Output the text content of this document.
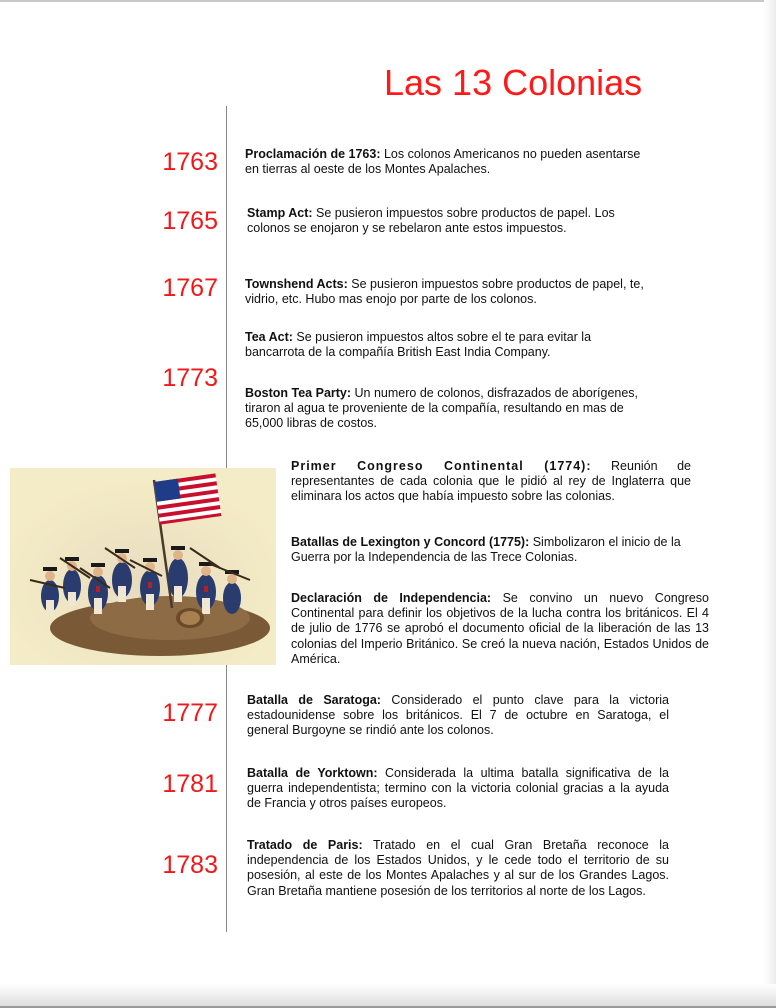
Las 13 Colonias
1763
1765
1767
1773
1777
1781
1783
Proclamación de 1763: Los colonos Americanos no pueden asentarse en tierras al oeste de los Montes Apalaches.
Stamp Act: Se pusieron impuestos sobre productos de papel. Los colonos se enojaron y se rebelaron ante estos impuestos.
Townshend Acts: Se pusieron impuestos sobre productos de papel, te, vidrio, etc. Hubo mas enojo por parte de los colonos.
Tea Act: Se pusieron impuestos altos sobre el te para evitar la bancarrota de la compañía British East India Company.
Boston Tea Party: Un numero de colonos, disfrazados de aborígenes, tiraron al agua te proveniente de la compañía, resultando en mas de 65,000 libras de costos.
Primer Congreso Continental (1774): Reunión de representantes de cada colonia que le pidió al rey de Inglaterra que eliminara los actos que había impuesto sobre las colonias.
Batallas de Lexington y Concord (1775): Simbolizaron el inicio de la Guerra por la Independencia de las Trece Colonias.
Declaración de Independencia: Se convino un nuevo Congreso Continental para definir los objetivos de la lucha contra los británicos. El 4 de julio de 1776 se aprobó el documento oficial de la liberación de las 13 colonias del Imperio Británico. Se creó la nueva nación, Estados Unidos de América.
Batalla de Saratoga: Considerado el punto clave para la victoria estadounidense sobre los británicos. El 7 de octubre en Saratoga, el general Burgoyne se rindió ante los colonos.
Batalla de Yorktown: Considerada la ultima batalla significativa de la guerra independentista; termino con la victoria colonial gracias a la ayuda de Francia y otros países europeos.
Tratado de Paris: Tratado en el cual Gran Bretaña reconoce la independencia de los Estados Unidos, y le cede todo el territorio de su posesión, al este de los Montes Apalaches y al sur de los Grandes Lagos. Gran Bretaña mantiene posesión de los territorios al norte de los Lagos.
